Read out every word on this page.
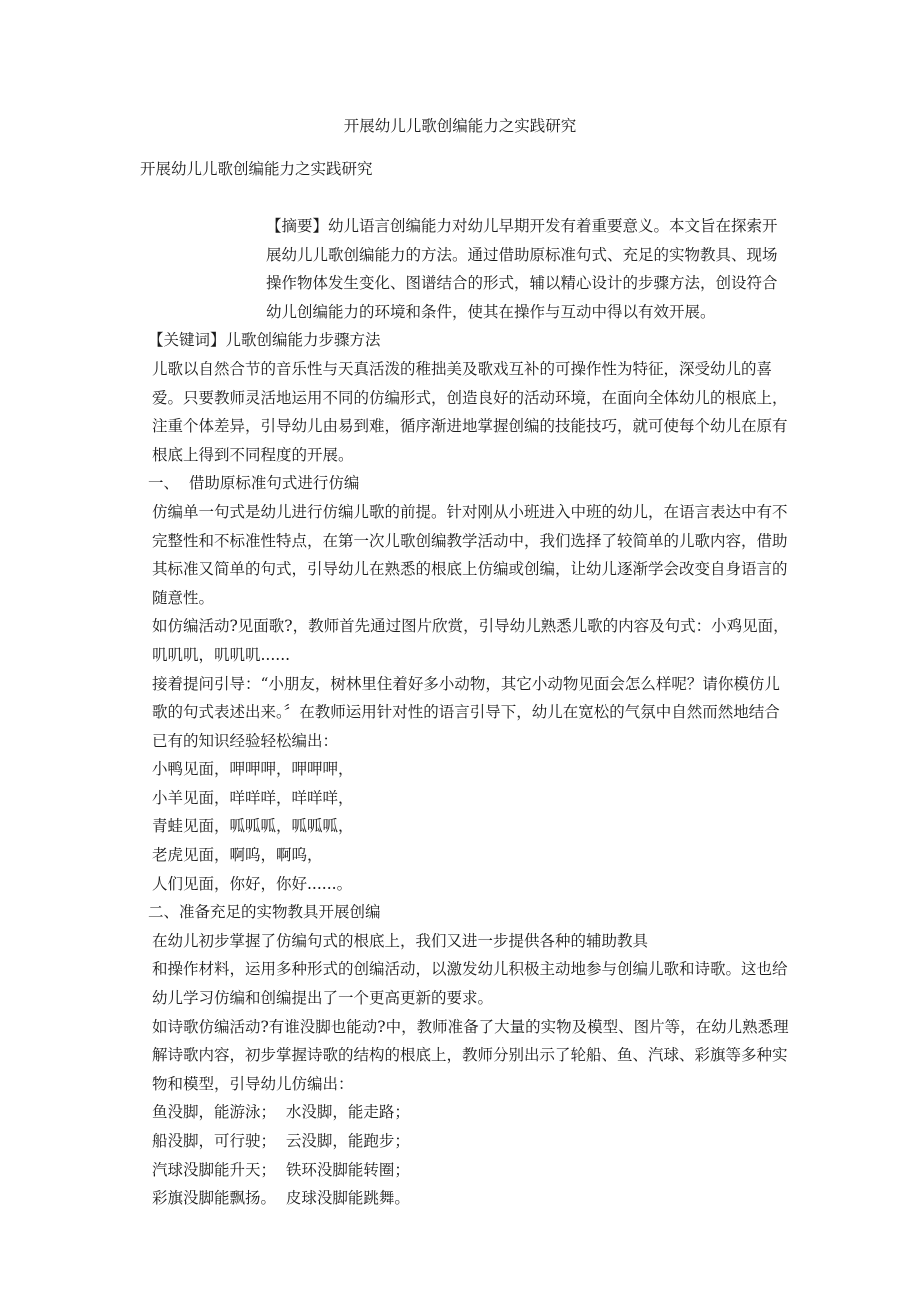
开展幼儿儿歌创编能力之实践研究
开展幼儿儿歌创编能力之实践研究

【摘要】幼儿语言创编能力对幼儿早期开发有着重要意义。本文旨在探索开展幼儿儿歌创编能力的方法。通过借助原标准句式、充足的实物教具、现场操作物体发生变化、图谱结合的形式，辅以精心设计的步骤方法，创设符合幼儿创编能力的环境和条件，使其在操作与互动中得以有效开展。

【关键词】儿歌创编能力步骤方法

儿歌以自然合节的音乐性与天真活泼的稚拙美及歌戏互补的可操作性为特征，深受幼儿的喜爱。只要教师灵活地运用不同的仿编形式，创造良好的活动环境，在面向全体幼儿的根底上，注重个体差异，引导幼儿由易到难，循序渐进地掌握创编的技能技巧，就可使每个幼儿在原有根底上得到不同程度的开展。

一、  借助原标准句式进行仿编

仿编单一句式是幼儿进行仿编儿歌的前提。针对刚从小班进入中班的幼儿，在语言表达中有不完整性和不标准性特点，在第一次儿歌创编教学活动中，我们选择了较简单的儿歌内容，借助其标准又简单的句式，引导幼儿在熟悉的根底上仿编或创编，让幼儿逐渐学会改变自身语言的随意性。

如仿编活动?见面歌?，教师首先通过图片欣赏，引导幼儿熟悉儿歌的内容及句式：小鸡见面，叽叽叽，叽叽叽......

接着提问引导：“小朋友，树林里住着好多小动物，其它小动物见面会怎么样呢？请你模仿儿歌的句式表述出来。〞在教师运用针对性的语言引导下，幼儿在宽松的气氛中自然而然地结合已有的知识经验轻松编出：

小鸭见面，呷呷呷，呷呷呷，

小羊见面，咩咩咩，咩咩咩，

青蛙见面，呱呱呱，呱呱呱，

老虎见面，啊呜，啊呜，

人们见面，你好，你好......。

二、准备充足的实物教具开展创编

在幼儿初步掌握了仿编句式的根底上，我们又进一步提供各种的辅助教具

和操作材料，运用多种形式的创编活动，以激发幼儿积极主动地参与创编儿歌和诗歌。这也给幼儿学习仿编和创编提出了一个更高更新的要求。

如诗歌仿编活动?有谁没脚也能动?中，教师准备了大量的实物及模型、图片等，在幼儿熟悉理解诗歌内容，初步掌握诗歌的结构的根底上，教师分别出示了轮船、鱼、汽球、彩旗等多种实物和模型，引导幼儿仿编出：

鱼没脚，能游泳；  水没脚，能走路；

船没脚，可行驶；  云没脚，能跑步；

汽球没脚能升天；  铁环没脚能转圈；

彩旗没脚能飘扬。  皮球没脚能跳舞。
